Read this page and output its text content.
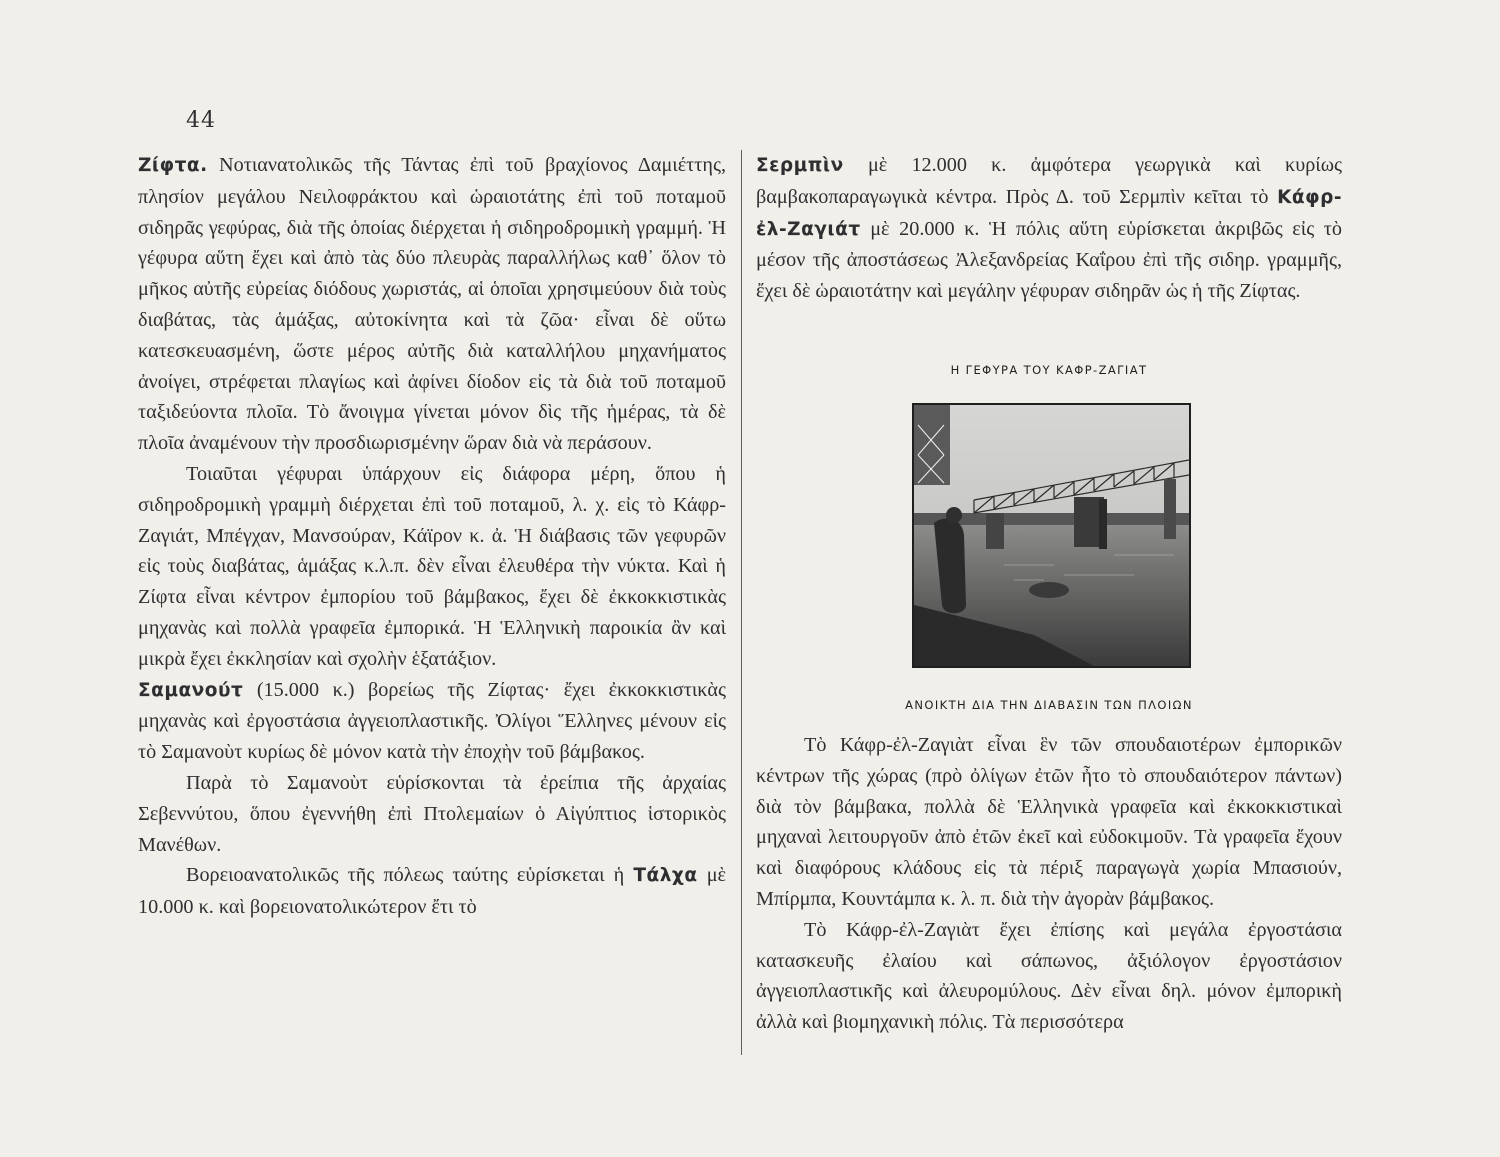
44

Ζίφτα. Νοτιανατολικῶς τῆς Τάντας ἐπὶ τοῦ βραχίονος Δαμιέττης, πλησίον μεγάλου Νειλοφράκτου καὶ ὡραιοτάτης ἐπὶ τοῦ ποταμοῦ σιδηρᾶς γεφύρας, διὰ τῆς ὁποίας διέρχεται ἡ σιδηροδρομικὴ γραμμή. Ἡ γέφυρα αὕτη ἔχει καὶ ἀπὸ τὰς δύο πλευρὰς παραλλήλως καθ᾽ ὅλον τὸ μῆκος αὐτῆς εὐρείας διόδους χωριστάς, αἱ ὁποῖαι χρησιμεύουν διὰ τοὺς διαβάτας, τὰς ἁμάξας, αὐτοκίνητα καὶ τὰ ζῶα· εἶναι δὲ οὕτω κατεσκευασμένη, ὥστε μέρος αὐτῆς διὰ καταλλήλου μηχανήματος ἀνοίγει, στρέφεται πλαγίως καὶ ἀφίνει δίοδον εἰς τὰ διὰ τοῦ ποταμοῦ ταξιδεύοντα πλοῖα. Τὸ ἄνοιγμα γίνεται μόνον δὶς τῆς ἡμέρας, τὰ δὲ πλοῖα ἀναμένουν τὴν προσδιωρισμένην ὥραν διὰ νὰ περάσουν.

Τοιαῦται γέφυραι ὑπάρχουν εἰς διάφορα μέρη, ὅπου ἡ σιδηροδρομικὴ γραμμὴ διέρχεται ἐπὶ τοῦ ποταμοῦ, λ. χ. εἰς τὸ Κάφρ-Ζαγιάτ, Μπέγχαν, Μανσούραν, Κάϊρον κ. ἀ. Ἡ διάβασις τῶν γεφυρῶν εἰς τοὺς διαβάτας, ἁμάξας κ.λ.π. δὲν εἶναι ἐλευθέρα τὴν νύκτα. Καὶ ἡ Ζίφτα εἶναι κέντρον ἐμπορίου τοῦ βάμβακος, ἔχει δὲ ἐκκοκκιστικὰς μηχανὰς καὶ πολλὰ γραφεῖα ἐμπορικά. Ἡ Ἑλληνικὴ παροικία ἂν καὶ μικρὰ ἔχει ἐκκλησίαν καὶ σχολὴν ἑξατάξιον.

Σαμανούτ (15.000 κ.) βορείως τῆς Ζίφτας· ἔχει ἐκκοκκιστικὰς μηχανὰς καὶ ἐργοστάσια ἀγγειοπλαστικῆς. Ὀλίγοι Ἕλληνες μένουν εἰς τὸ Σαμανοὺτ κυρίως δὲ μόνον κατὰ τὴν ἐποχὴν τοῦ βάμβακος.

Παρὰ τὸ Σαμανοὺτ εὑρίσκονται τὰ ἐρείπια τῆς ἀρχαίας Σεβεννύτου, ὅπου ἐγεννήθη ἐπὶ Πτολεμαίων ὁ Αἰγύπτιος ἱστορικὸς Μανέθων.

Βορειοανατολικῶς τῆς πόλεως ταύτης εὑρίσκεται ἡ Τάλχα μὲ 10.000 κ. καὶ βορειονατολικώτερον ἔτι τὸ

Σερμπὶν μὲ 12.000 κ. ἀμφότερα γεωργικὰ καὶ κυρίως βαμβακοπαραγωγικὰ κέντρα. Πρὸς Δ. τοῦ Σερμπὶν κεῖται τὸ Κάφρ-ἐλ-Ζαγιάτ μὲ 20.000 κ. Ἡ πόλις αὕτη εὑρίσκεται ἀκριβῶς εἰς τὸ μέσον τῆς ἀποστάσεως Ἀλεξανδρείας Καΐρου ἐπὶ τῆς σιδηρ. γραμμῆς, ἔχει δὲ ὡραιοτάτην καὶ μεγάλην γέφυραν σιδηρᾶν ὡς ἡ τῆς Ζίφτας.

Η ΓΕΦΥΡΑ ΤΟΥ ΚΑΦΡ-ΖΑΓΙΑΤ
ΑΝΟΙΚΤΗ ΔΙΑ ΤΗΝ ΔΙΑΒΑΣΙΝ ΤΩΝ ΠΛΟΙΩΝ

Τὸ Κάφρ-ἐλ-Ζαγιὰτ εἶναι ἓν τῶν σπουδαιοτέρων ἐμπορικῶν κέντρων τῆς χώρας (πρὸ ὀλίγων ἐτῶν ἦτο τὸ σπουδαιότερον πάντων) διὰ τὸν βάμβακα, πολλὰ δὲ Ἑλληνικὰ γραφεῖα καὶ ἐκκοκκιστικαὶ μηχαναὶ λειτουργοῦν ἀπὸ ἐτῶν ἐκεῖ καὶ εὐδοκιμοῦν. Τὰ γραφεῖα ἔχουν καὶ διαφόρους κλάδους εἰς τὰ πέριξ παραγωγὰ χωρία Μπασιούν, Μπίρμπα, Κουντάμπα κ. λ. π. διὰ τὴν ἀγορὰν βάμβακος.

Τὸ Κάφρ-ἐλ-Ζαγιὰτ ἔχει ἐπίσης καὶ μεγάλα ἐργοστάσια κατασκευῆς ἐλαίου καὶ σάπωνος, ἀξιόλογον ἐργοστάσιον ἀγγειοπλαστικῆς καὶ ἀλευρομύλους. Δὲν εἶναι δηλ. μόνον ἐμπορικὴ ἀλλὰ καὶ βιομηχανικὴ πόλις. Τὰ περισσότερα
